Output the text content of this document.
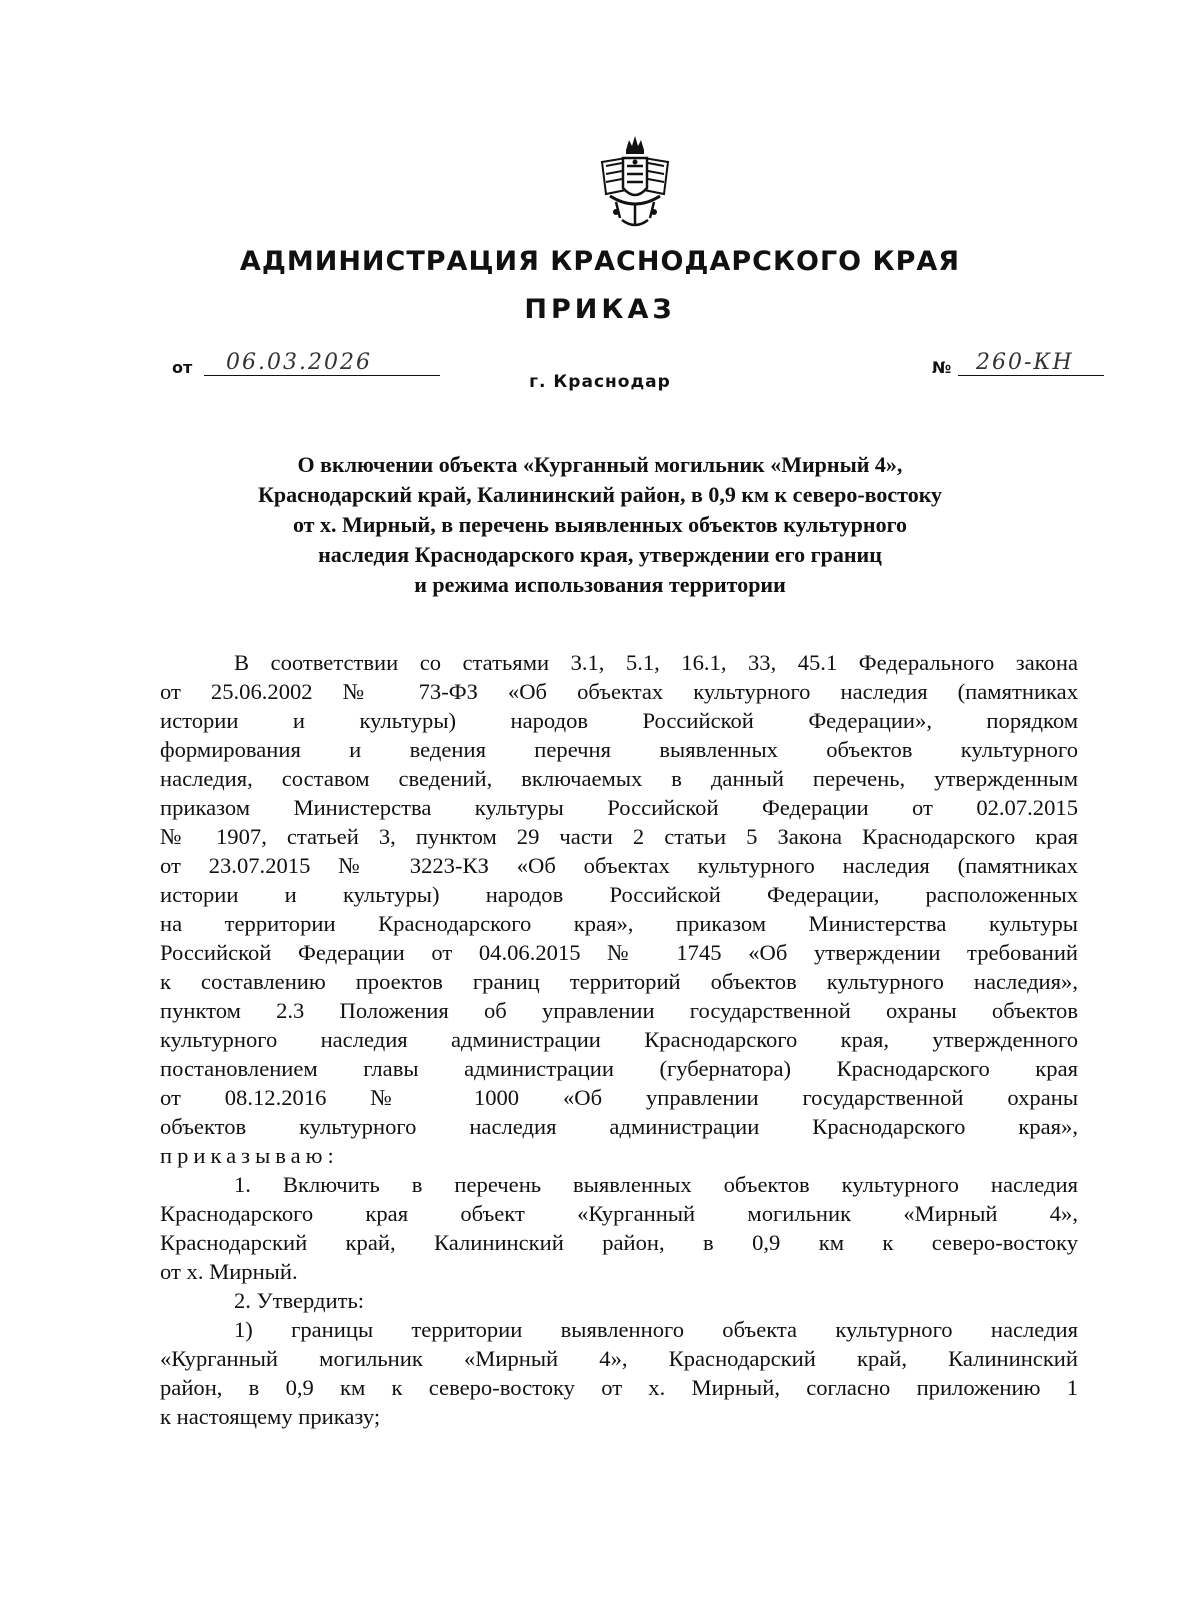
АДМИНИСТРАЦИЯ КРАСНОДАРСКОГО КРАЯ
ПРИКАЗ
от	06.03.2026	№	260-КН
г. Краснодар
О включении объекта «Курганный могильник «Мирный 4»,
Краснодарский край, Калининский район, в 0,9 км к северо-востоку
от х. Мирный, в перечень выявленных объектов культурного
наследия Краснодарского края, утверждении его границ
и режима использования территории
В соответствии со статьями 3.1, 5.1, 16.1, 33, 45.1 Федерального закона
от 25.06.2002 № 73-ФЗ «Об объектах культурного наследия (памятниках
истории и культуры) народов Российской Федерации», порядком
формирования и ведения перечня выявленных объектов культурного
наследия, составом сведений, включаемых в данный перечень, утвержденным
приказом Министерства культуры Российской Федерации от 02.07.2015
№ 1907, статьей 3, пунктом 29 части 2 статьи 5 Закона Краснодарского края
от 23.07.2015 № 3223-КЗ «Об объектах культурного наследия (памятниках
истории и культуры) народов Российской Федерации, расположенных
на территории Краснодарского края», приказом Министерства культуры
Российской Федерации от 04.06.2015 № 1745 «Об утверждении требований
к составлению проектов границ территорий объектов культурного наследия»,
пунктом 2.3 Положения об управлении государственной охраны объектов
культурного наследия администрации Краснодарского края, утвержденного
постановлением главы администрации (губернатора) Краснодарского края
от 08.12.2016 № 1000 «Об управлении государственной охраны
объектов культурного наследия администрации Краснодарского края»,
приказываю:
1. Включить в перечень выявленных объектов культурного наследия
Краснодарского края объект «Курганный могильник «Мирный 4»,
Краснодарский край, Калининский район, в 0,9 км к северо-востоку
от х. Мирный.
2. Утвердить:
1) границы территории выявленного объекта культурного наследия
«Курганный могильник «Мирный 4», Краснодарский край, Калининский
район, в 0,9 км к северо-востоку от х. Мирный, согласно приложению 1
к настоящему приказу;
